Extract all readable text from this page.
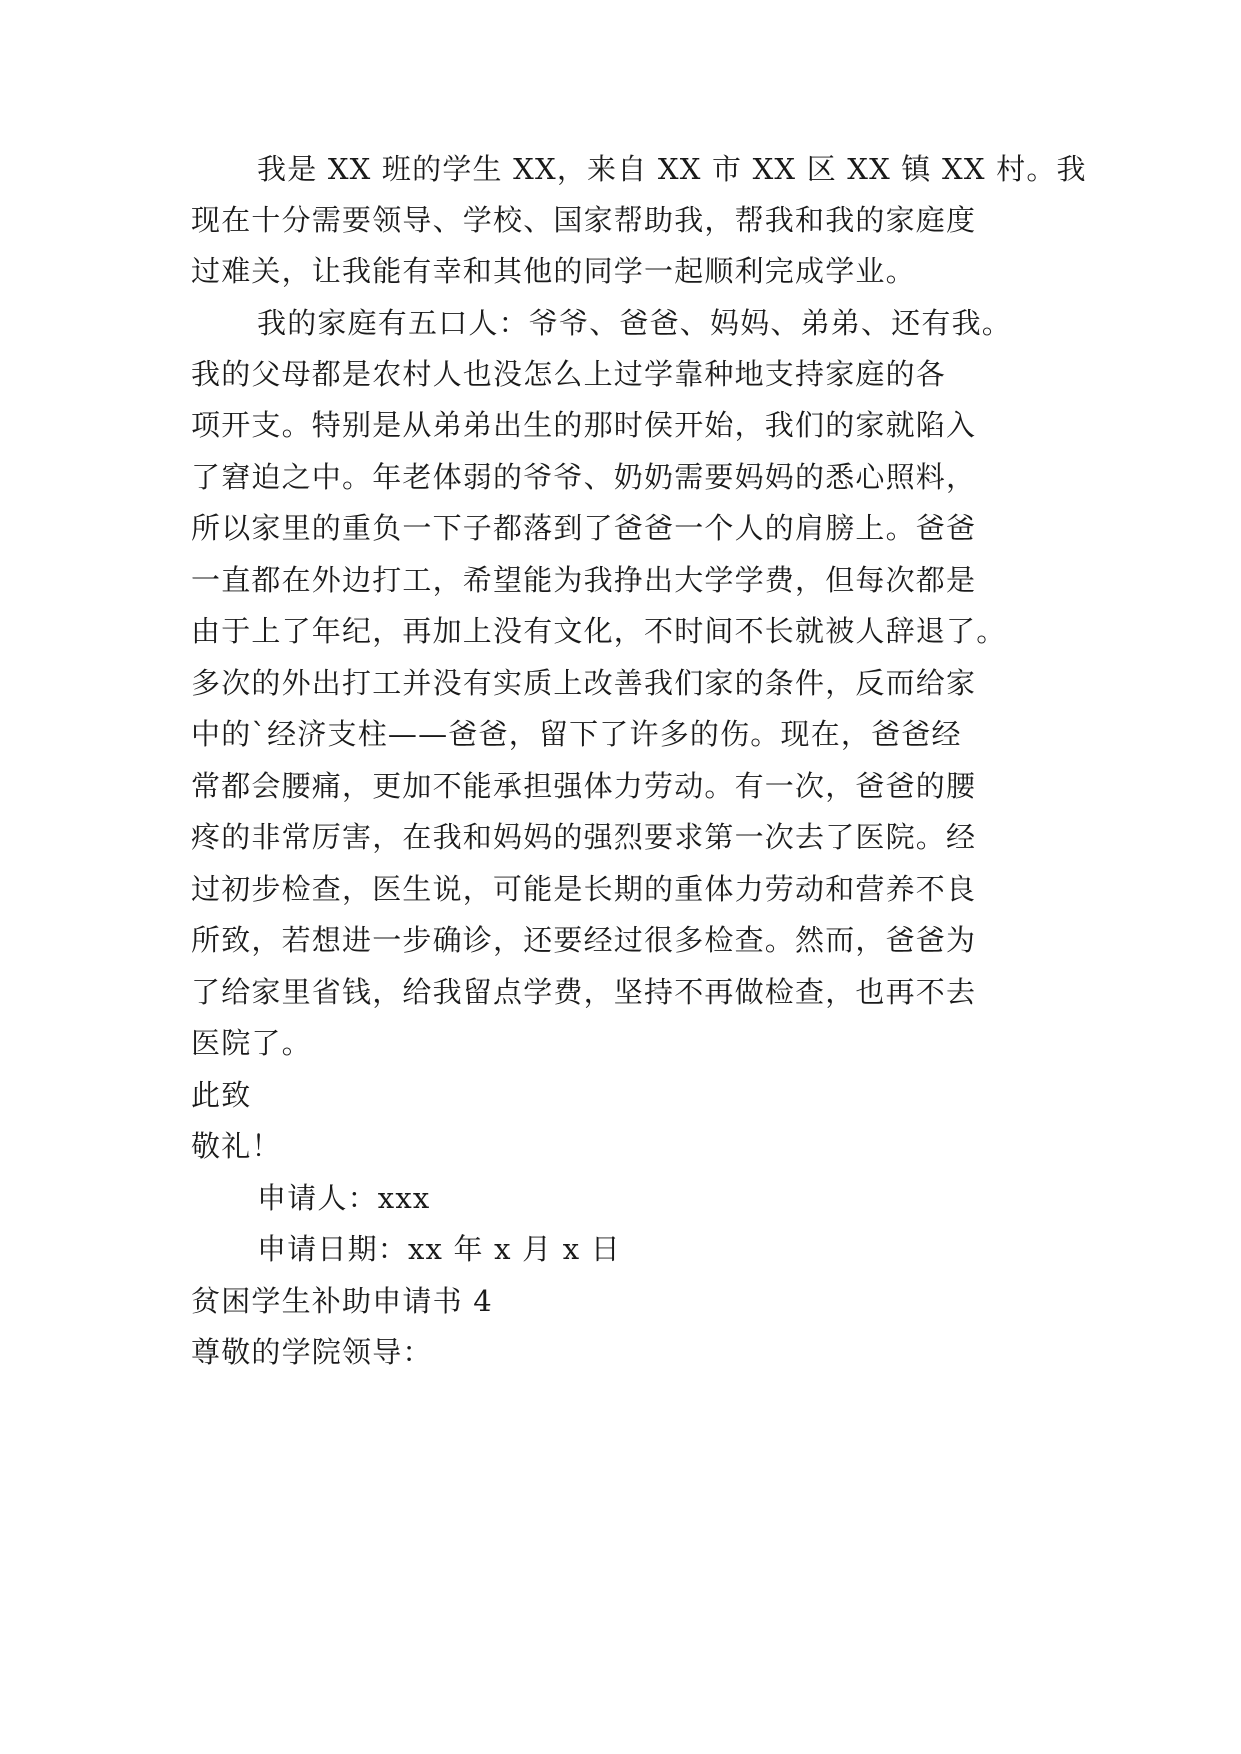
我是 XX 班的学生 XX，来自 XX 市 XX 区 XX 镇 XX 村。我
现在十分需要领导、学校、国家帮助我，帮我和我的家庭度
过难关，让我能有幸和其他的同学一起顺利完成学业。
我的家庭有五口人：爷爷、爸爸、妈妈、弟弟、还有我。
我的父母都是农村人也没怎么上过学靠种地支持家庭的各
项开支。特别是从弟弟出生的那时侯开始，我们的家就陷入
了窘迫之中。年老体弱的爷爷、奶奶需要妈妈的悉心照料，
所以家里的重负一下子都落到了爸爸一个人的肩膀上。爸爸
一直都在外边打工，希望能为我挣出大学学费，但每次都是
由于上了年纪，再加上没有文化，不时间不长就被人辞退了。
多次的外出打工并没有实质上改善我们家的条件，反而给家
中的`经济支柱——爸爸，留下了许多的伤。现在，爸爸经
常都会腰痛，更加不能承担强体力劳动。有一次，爸爸的腰
疼的非常厉害，在我和妈妈的强烈要求第一次去了医院。经
过初步检查，医生说，可能是长期的重体力劳动和营养不良
所致，若想进一步确诊，还要经过很多检查。然而，爸爸为
了给家里省钱，给我留点学费，坚持不再做检查，也再不去
医院了。
此致
敬礼！
申请人：xxx
申请日期：xx 年 x 月 x 日
贫困学生补助申请书 4
尊敬的学院领导：
